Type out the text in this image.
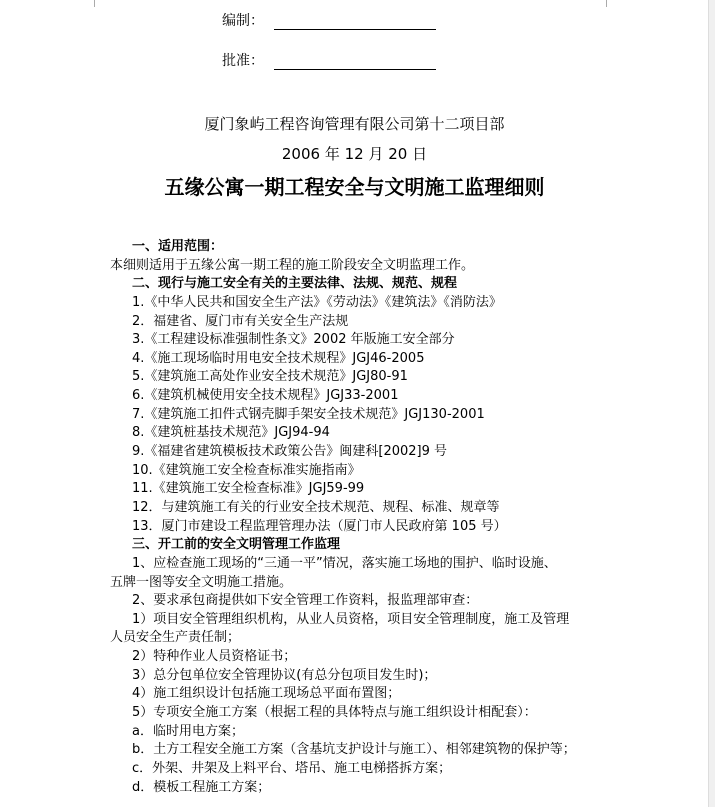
编制：
批准：
厦门象屿工程咨询管理有限公司第十二项目部
2006 年 12 月 20 日
五缘公寓一期工程安全与文明施工监理细则
一、适用范围：
本细则适用于五缘公寓一期工程的施工阶段安全文明监理工作。
二、现行与施工安全有关的主要法律、法规、规范、规程
1.《中华人民共和国安全生产法》《劳动法》《建筑法》《消防法》
2．福建省、厦门市有关安全生产法规
3.《工程建设标准强制性条文》2002 年版施工安全部分
4.《施工现场临时用电安全技术规程》JGJ46-2005
5.《建筑施工高处作业安全技术规范》JGJ80-91
6.《建筑机械使用安全技术规程》JGJ33-2001
7.《建筑施工扣件式钢壳脚手架安全技术规范》JGJ130-2001
8.《建筑桩基技术规范》JGJ94-94
9.《福建省建筑模板技术政策公告》闽建科[2002]9 号
10.《建筑施工安全检查标准实施指南》
11.《建筑施工安全检查标准》JGJ59-99
12．与建筑施工有关的行业安全技术规范、规程、标准、规章等
13．厦门市建设工程监理管理办法（厦门市人民政府第 105 号）
三、开工前的安全文明管理工作监理
1、应检查施工现场的“三通一平”情况，落实施工场地的围护、临时设施、
五牌一图等安全文明施工措施。
2、要求承包商提供如下安全管理工作资料，报监理部审查：
1）项目安全管理组织机构，从业人员资格，项目安全管理制度，施工及管理
人员安全生产责任制；
2）特种作业人员资格证书；
3）总分包单位安全管理协议(有总分包项目发生时)；
4）施工组织设计包括施工现场总平面布置图；
5）专项安全施工方案（根据工程的具体特点与施工组织设计相配套）：
a．临时用电方案；
b．土方工程安全施工方案（含基坑支护设计与施工）、相邻建筑物的保护等；
c．外架、井架及上料平台、塔吊、施工电梯搭拆方案；
d．模板工程施工方案；
